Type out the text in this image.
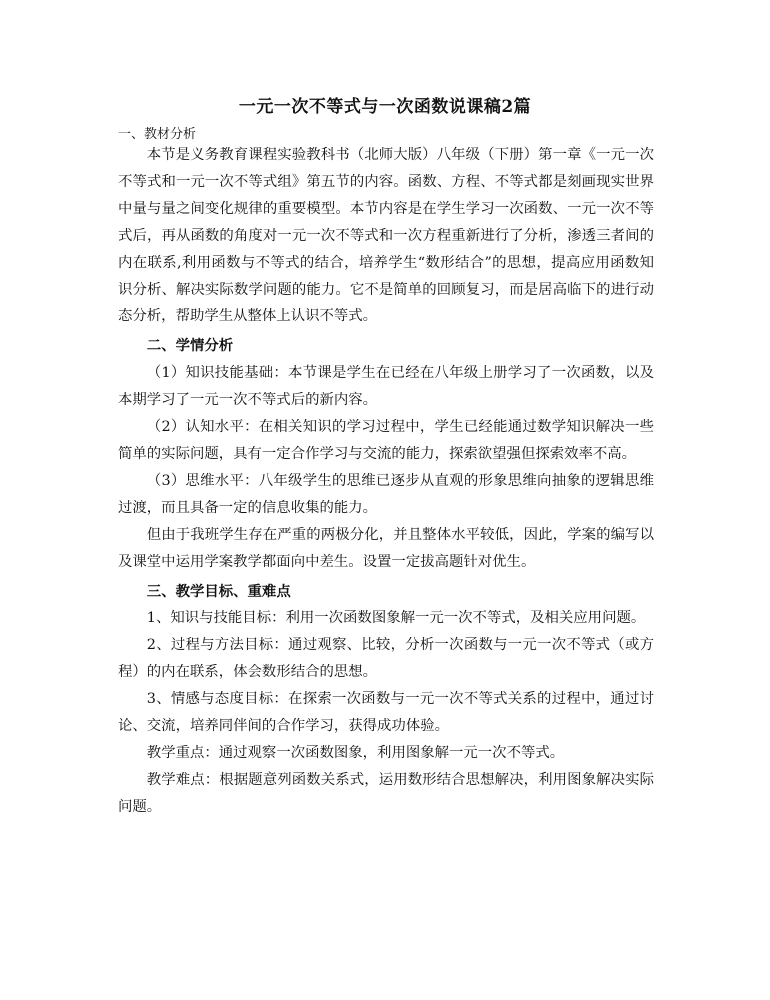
一元一次不等式与一次函数说课稿2篇
一、教材分析

本节是义务教育课程实验教科书（北师大版）八年级（下册）第一章《一元一次不等式和一元一次不等式组》第五节的内容。函数、方程、不等式都是刻画现实世界中量与量之间变化规律的重要模型。本节内容是在学生学习一次函数、一元一次不等式后，再从函数的角度对一元一次不等式和一次方程重新进行了分析，渗透三者间的内在联系,利用函数与不等式的结合，培养学生“数形结合”的思想，提高应用函数知识分析、解决实际数学问题的能力。它不是简单的回顾复习，而是居高临下的进行动态分析，帮助学生从整体上认识不等式。

二、学情分析

（1）知识技能基础：本节课是学生在已经在八年级上册学习了一次函数，以及本期学习了一元一次不等式后的新内容。

（2）认知水平：在相关知识的学习过程中，学生已经能通过数学知识解决一些简单的实际问题，具有一定合作学习与交流的能力，探索欲望强但探索效率不高。

（3）思维水平：八年级学生的思维已逐步从直观的形象思维向抽象的逻辑思维过渡，而且具备一定的信息收集的能力。

但由于我班学生存在严重的两极分化，并且整体水平较低，因此，学案的编写以及课堂中运用学案教学都面向中差生。设置一定拔高题针对优生。

三、教学目标、重难点

1、知识与技能目标：利用一次函数图象解一元一次不等式，及相关应用问题。

2、过程与方法目标：通过观察、比较，分析一次函数与一元一次不等式（或方程）的内在联系，体会数形结合的思想。

3、情感与态度目标：在探索一次函数与一元一次不等式关系的过程中，通过讨论、交流，培养同伴间的合作学习，获得成功体验。

教学重点：通过观察一次函数图象，利用图象解一元一次不等式。

教学难点：根据题意列函数关系式，运用数形结合思想解决，利用图象解决实际问题。
